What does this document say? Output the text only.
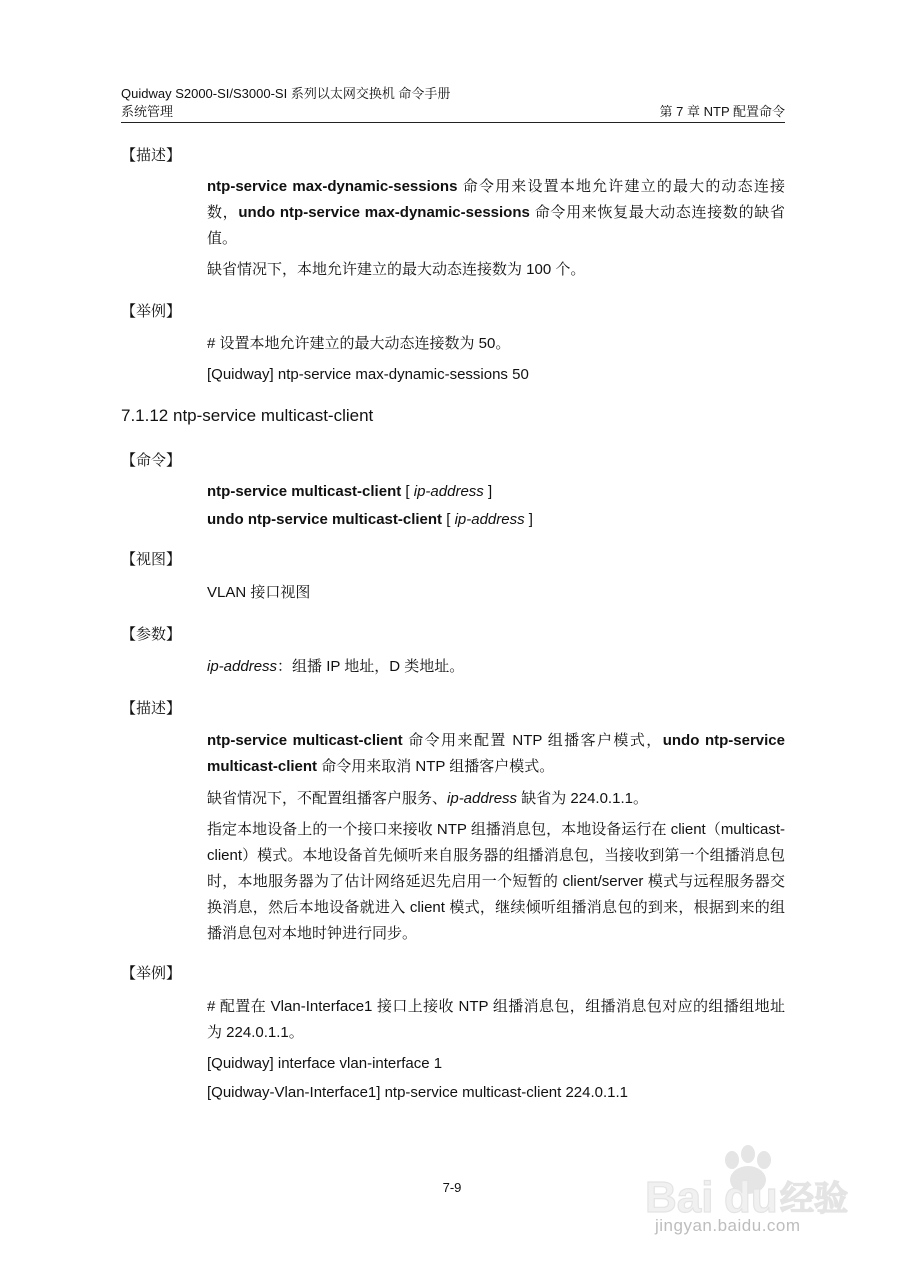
Quidway S2000-SI/S3000-SI 系列以太网交换机 命令手册
系统管理	第 7 章 NTP 配置命令
【描述】
ntp-service max-dynamic-sessions 命令用来设置本地允许建立的最大的动态连接数，undo ntp-service max-dynamic-sessions 命令用来恢复最大动态连接数的缺省值。
缺省情况下，本地允许建立的最大动态连接数为 100 个。
【举例】
# 设置本地允许建立的最大动态连接数为 50。
[Quidway] ntp-service max-dynamic-sessions 50
7.1.12 ntp-service multicast-client
【命令】
ntp-service multicast-client [ ip-address ]
undo ntp-service multicast-client [ ip-address ]
【视图】
VLAN 接口视图
【参数】
ip-address：组播 IP 地址，D 类地址。
【描述】
ntp-service multicast-client 命令用来配置 NTP 组播客户模式，undo ntp-service multicast-client 命令用来取消 NTP 组播客户模式。
缺省情况下，不配置组播客户服务、ip-address 缺省为 224.0.1.1。
指定本地设备上的一个接口来接收 NTP 组播消息包，本地设备运行在 client（multicast-client）模式。本地设备首先倾听来自服务器的组播消息包，当接收到第一个组播消息包时，本地服务器为了估计网络延迟先启用一个短暂的 client/server 模式与远程服务器交换消息，然后本地设备就进入 client 模式，继续倾听组播消息包的到来，根据到来的组播消息包对本地时钟进行同步。
【举例】
# 配置在 Vlan-Interface1 接口上接收 NTP 组播消息包，组播消息包对应的组播组地址为 224.0.1.1。
[Quidway] interface vlan-interface 1
[Quidway-Vlan-Interface1] ntp-service multicast-client 224.0.1.1
7-9	Bai du 经验
jingyan.baidu.com
